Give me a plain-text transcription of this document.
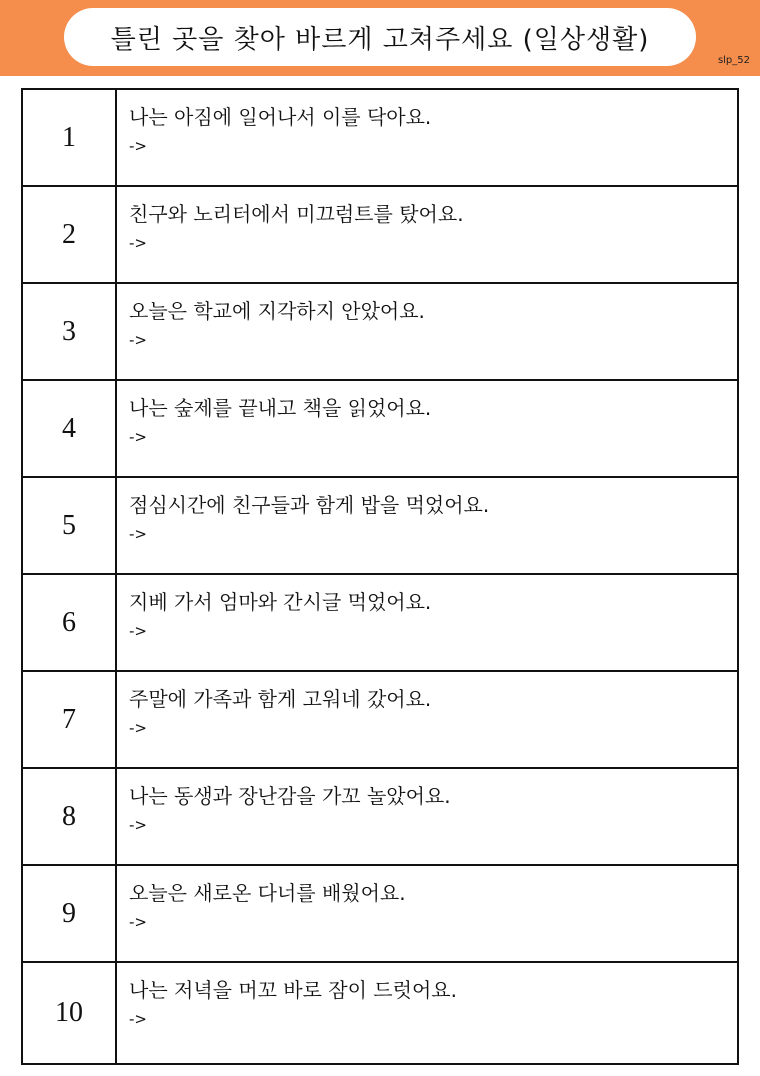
틀린 곳을 찾아 바르게 고쳐주세요 (일상생활)
slp_52
1	나는 아짐에 일어나서 이를 닥아요.
->

2	친구와 노리터에서 미끄럼트를 탔어요.
->

3	오늘은 학교에 지각하지 안았어요.
->

4	나는 숲제를 끝내고 책을 읽었어요.
->

5	점심시간에 친구들과 함게 밥을 먹었어요.
->

6	지베 가서 엄마와 간시글 먹었어요.
->

7	주말에 가족과 함게 고워네 갔어요.
->

8	나는 동생과 장난감을 가꼬 놀았어요.
->

9	오늘은 새로온 다너를 배웠어요.
->

10	나는 저녁을 머꼬 바로 잠이 드럿어요.
->
